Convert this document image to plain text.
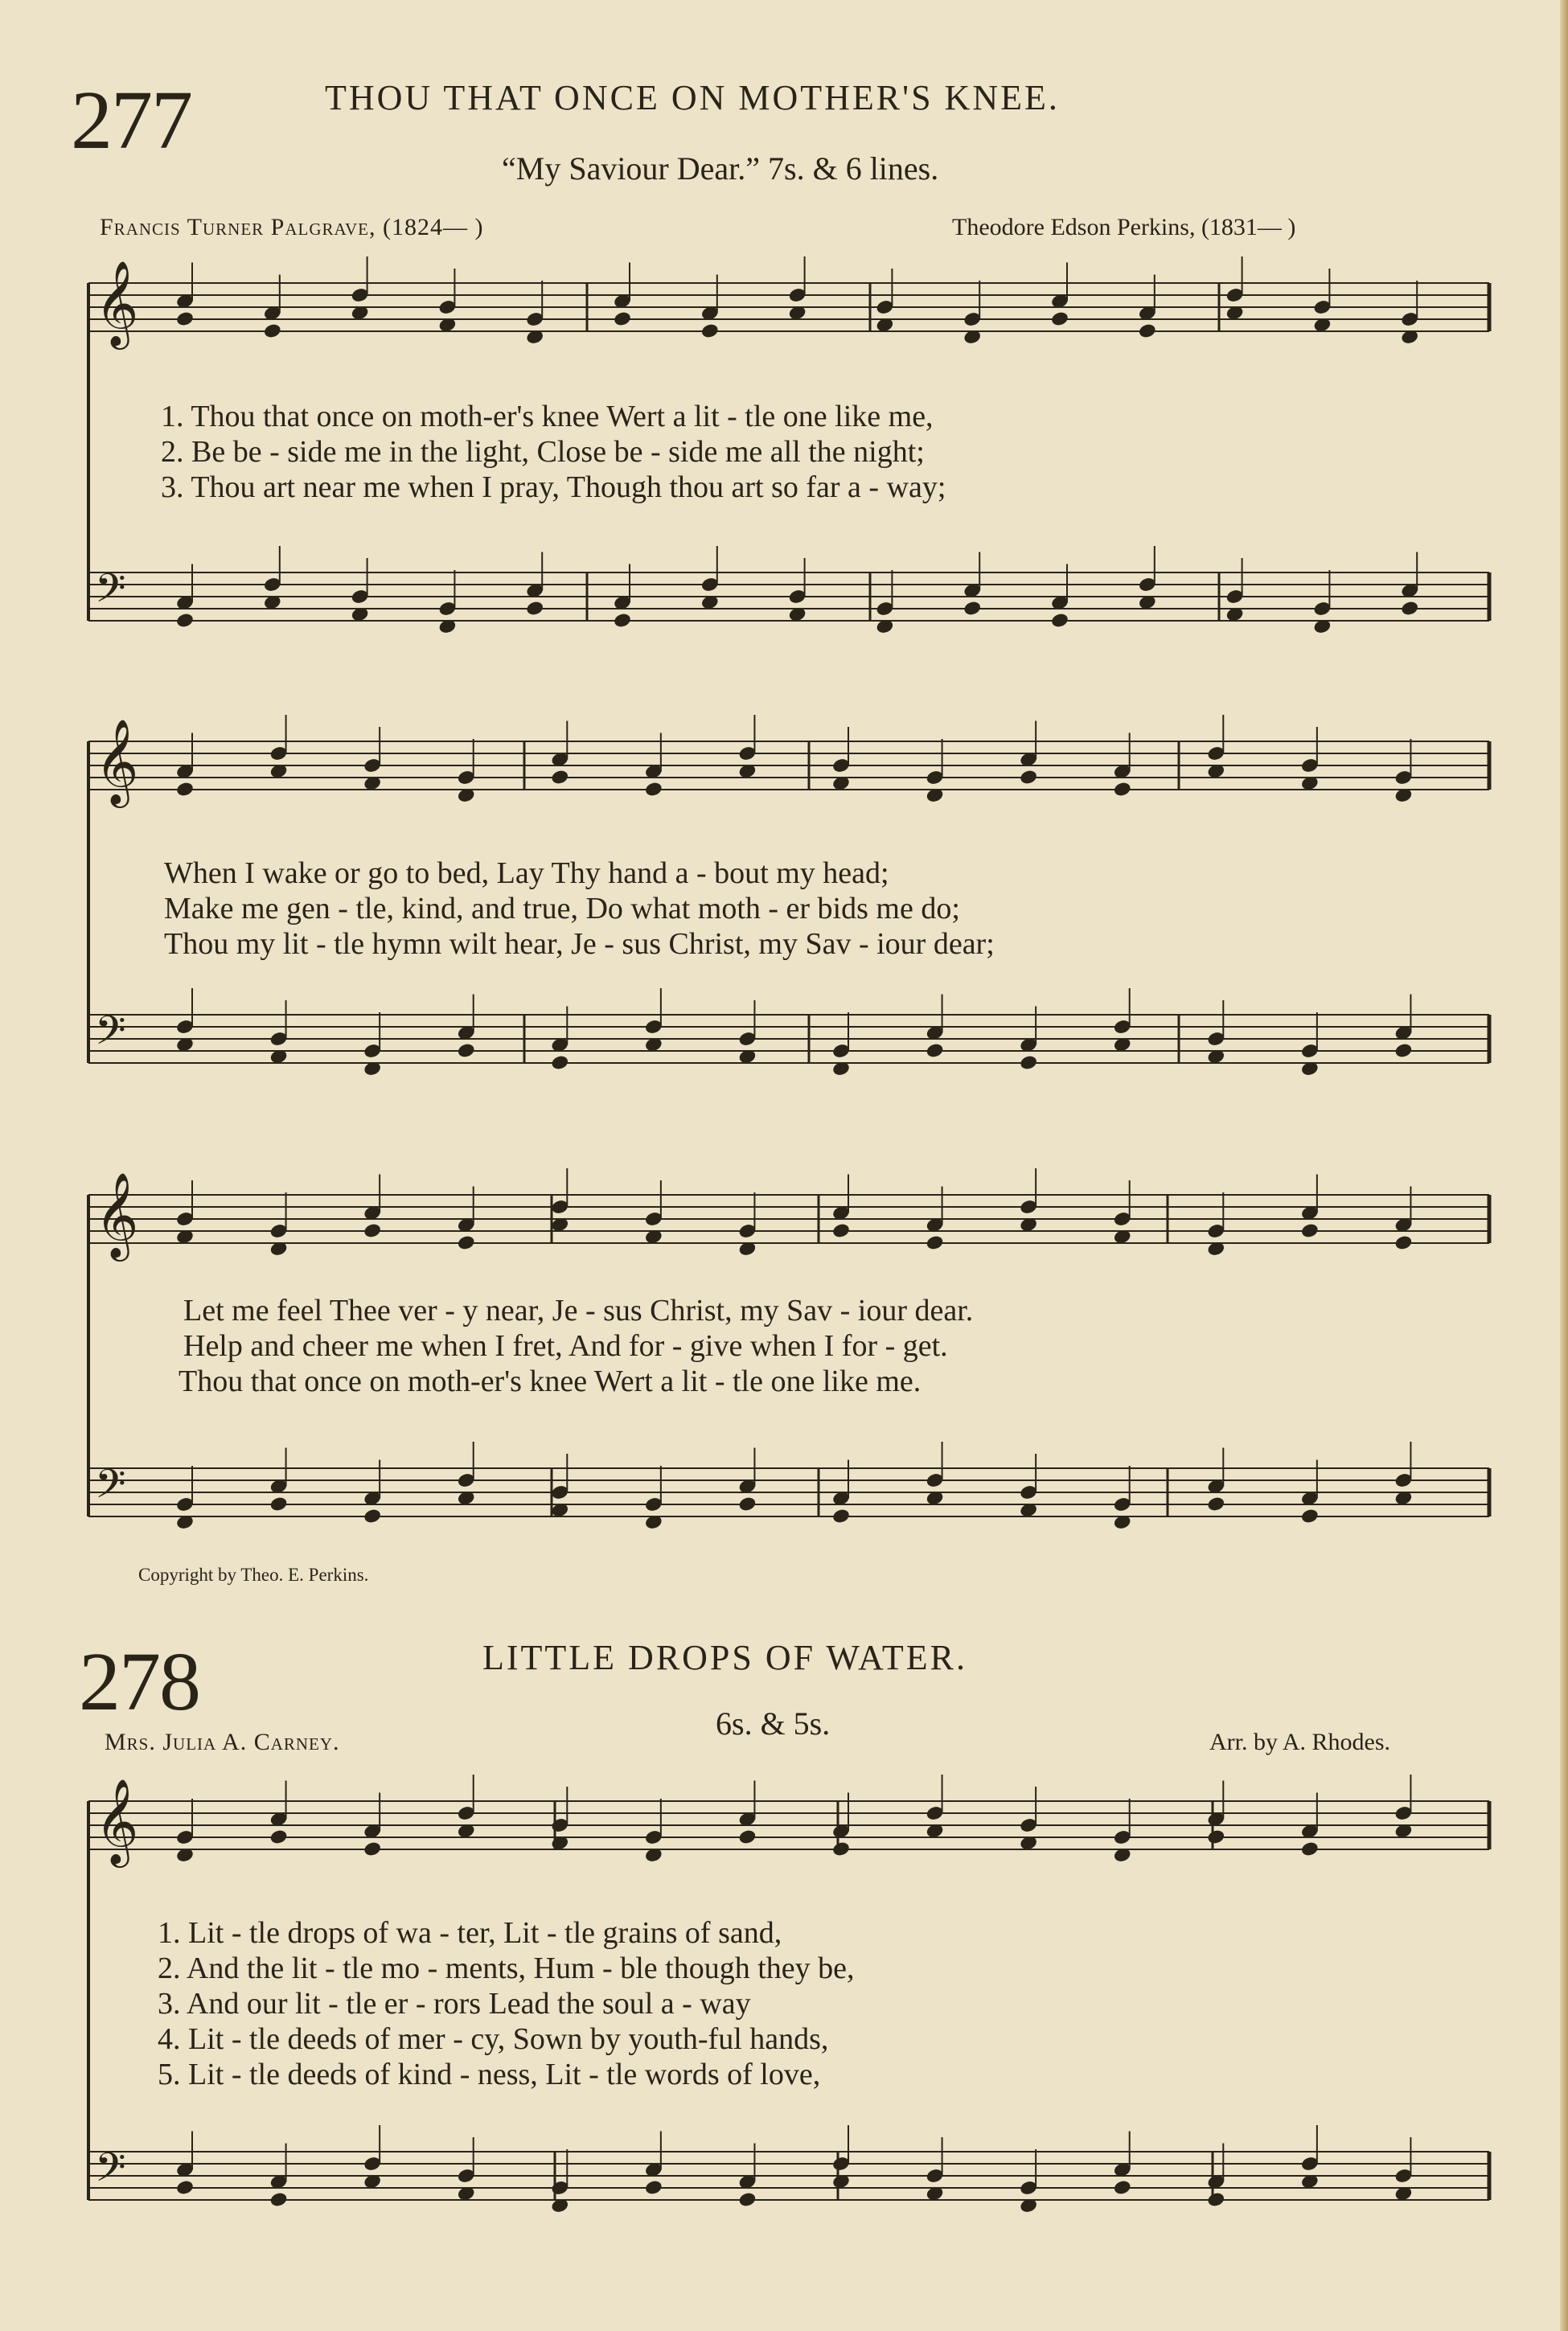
277	THOU THAT ONCE ON MOTHER'S KNEE.
“My Saviour Dear.” 7s. & 6 lines.
Francis Turner Palgrave, (1824— )	Theodore Edson Perkins, (1831— )
1. Thou that once on moth-er's knee Wert a lit - tle one like me,
2. Be be - side me in the light, Close be - side me all the night;
3. Thou art near me when I pray, Though thou art so far a - way;
When I wake or go to bed, Lay Thy hand a - bout my head;
Make me gen - tle, kind, and true, Do what moth - er bids me do;
Thou my lit - tle hymn wilt hear, Je - sus Christ, my Sav - iour dear;
Let me feel Thee ver - y near, Je - sus Christ, my Sav - iour dear.
Help and cheer me when I fret, And for - give when I for - get.
Thou that once on moth-er's knee Wert a lit - tle one like me.
Copyright by Theo. E. Perkins.
278	LITTLE DROPS OF WATER.
6s. & 5s.
Mrs. Julia A. Carney.	Arr. by A. Rhodes.
1. Lit - tle drops of wa - ter, Lit - tle grains of sand,
2. And the lit - tle mo - ments, Hum - ble though they be,
3. And our lit - tle er - rors Lead the soul a - way
4. Lit - tle deeds of mer - cy, Sown by youth-ful hands,
5. Lit - tle deeds of kind - ness, Lit - tle words of love,
𝄞
𝄢
𝄞
𝄢
𝄞
𝄢
𝄞
𝄢
